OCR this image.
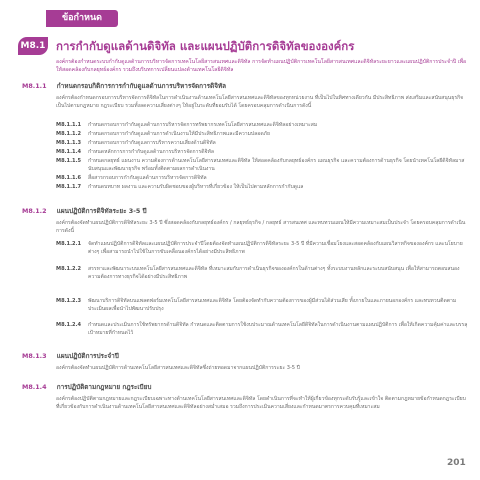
ข้อกำหนด
M8.1 การกำกับดูแลด้านดิจิทัล และแผนปฏิบัติการดิจิทัลขององค์กร
องค์กรต้องกำหนดระบบกำกับดูแลด้านการบริหารจัดการเทคโนโลยีสารสนเทศและดิจิทัล การจัดทำแผนปฏิบัติการเทคโนโลยีสารสนเทศและดิจิทัลระยะยาวและแผนปฏิบัติการประจำปี เพื่อให้สอดคล้องกับกลยุทธ์องค์กร รวมถึงบริบทการเปลี่ยนแปลงด้านเทคโนโลยีดิจิทัล
M8.1.1 กำหนดกรอบกิติการการกำกับดูแลด้านการบริหารจัดการดิจิทัล
องค์กรต้องกำหนดกรอบการบริหารจัดการดิจิทัลในการดำเนินงานด้านเทคโนโลยีสารสนเทศและดิจิทัลของทุกหน่วยงาน ที่เป็นไปในทิศทางเดียวกัน มีประสิทธิภาพ ส่งเสริมและสนับสนุนธุรกิจ เป็นไปตามกฎหมาย กฎระเบียบ รวมทั้งลดความเสี่ยงต่างๆ ให้อยู่ในระดับที่ยอมรับได้ โดยครอบคลุมการดำเนินการดังนี้
M8.1.1.1	กำหนดกรอบการกำกับดูแลด้านการบริหารจัดการทรัพยากรเทคโนโลยีสารสนเทศและดิจิทัลอย่างเหมาะสม
M8.1.1.2	กำหนดกรอบการกำกับดูแลด้านการดำเนินงานให้มีประสิทธิภาพและมีความปลอดภัย
M8.1.1.3	กำหนดกรอบการกำกับดูแลการบริหารความเสี่ยงด้านดิจิทัล
M8.1.1.4	กำหนดหลักการการกำกับดูแลด้านการบริหารจัดการดิจิทัล
M8.1.1.5	กำหนดกลยุทธ์ แผนงาน ความต้องการด้านเทคโนโลยีสารสนเทศและดิจิทัล ให้สอดคล้องกับกลยุทธ์องค์กร แผนธุรกิจ และความต้องการด้านธุรกิจ โดยนำเทคโนโลยีดิจิทัลมาสนับสนุนและพัฒนาธุรกิจ พร้อมทั้งติดตามผลการดำเนินงาน
M8.1.1.6	สื่อสารกรอบการกำกับดูแลด้านการบริหารจัดการดิจิทัล
M8.1.1.7	กำหนดบทบาท ผลงาน และความรับผิดชอบของผู้บริหารที่เกี่ยวข้อง ให้เป็นไปตามหลักการกำกับดูแล
M8.1.2 แผนปฏิบัติการดิจิทัลระยะ 3-5 ปี
องค์กรต้องจัดทำแผนปฏิบัติการดิจิทัลระยะ 3-5 ปี ซึ่งสอดคล้องกับกลยุทธ์องค์กร / กลยุทธ์ธุรกิจ / กลยุทธ์ สารสนเทศ และทบทวนแผนให้มีความเหมาะสมเป็นประจำ โดยครอบคลุมการดำเนินการดังนี้
M8.1.2.1	จัดทำแผนปฏิบัติการดิจิทัลและแผนปฏิบัติการประจำปีโดยต้องจัดทำแผนปฏิบัติการดิจิทัลระยะ 3-5 ปี ที่มีความเชื่อมโยงและสอดคล้องกับแผนวิสาหกิจขององค์กร และนโยบายต่างๆ เพื่อสามารถนำไปใช้ในการขับเคลื่อนองค์กรได้อย่างมีประสิทธิภาพ
M8.1.2.2	สรรหาและพัฒนาระบบเทคโนโลยีสารสนเทศและดิจิทัล ที่เหมาะสมกับการดำเนินธุรกิจขององค์กรในด้านต่างๆ ทั้งระบบงานหลักและระบบสนับสนุน เพื่อให้สามารถตอบสนองความต้องการทางธุรกิจได้อย่างมีประสิทธิภาพ
M8.1.2.3	พัฒนาบริการดิจิทัลบนแพลตฟอร์มเทคโนโลยีสารสนเทศและดิจิทัล โดยต้องจัดทำกับความต้องการของผู้มีส่วนได้ส่วนเสีย ทั้งภายในและภายนอกองค์กร และทบทวนติดตามประเมินผลเพื่อนำไปพัฒนาปรับปรุง
M8.1.2.4	กำหนดและประเมินการใช้ทรัพยากรด้านดิจิทัล กำหนดและติดตามการใช้งบประมาณด้านเทคโนโลยีดิจิทัลในการดำเนินงานตามแผนปฏิบัติการ เพื่อให้เกิดความคุ้มค่าและบรรลุเป้าหมายที่กำหนดไว้
M8.1.3 แผนปฏิบัติการประจำปี
องค์กรต้องจัดทำแผนปฏิบัติการด้านเทคโนโลยีสารสนเทศและดิจิทัลซึ่งถ่ายทอดมาจากแผนปฏิบัติการระยะ 3-5 ปี
M8.1.4 การปฏิบัติตามกฎหมาย กฎระเบียบ
องค์กรต้องปฏิบัติตามกฎหมายและกฎระเบียบเฉพาะทางด้านเทคโนโลยีสารสนเทศและดิจิทัล โดยดำเนินการที่จะทำให้ผู้เกี่ยวข้องทุกระดับรับรู้และเข้าใจ ติดตามกฎหมายข้อกำหนดกฎระเบียบที่เกี่ยวข้องกับการดำเนินงานด้านเทคโนโลยีสารสนเทศและดิจิทัลอย่างสม่ำเสมอ รวมถึงการประเมินความเสี่ยงและกำหนดมาตรการควบคุมที่เหมาะสม
201
